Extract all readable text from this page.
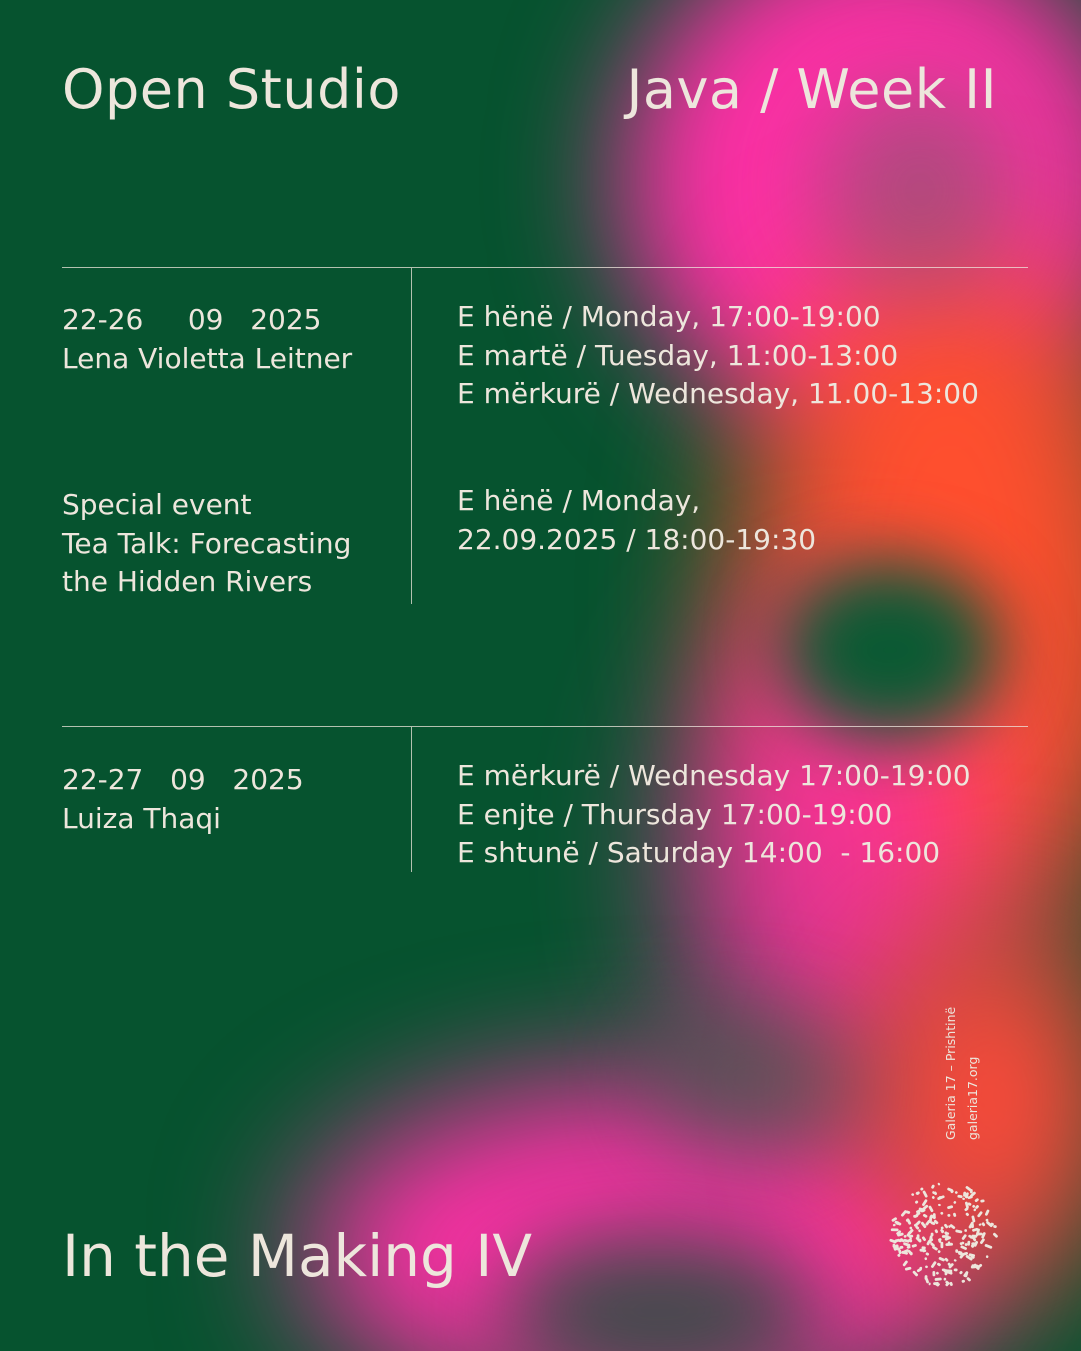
Open Studio	Java / Week II
22-26     09   2025
Lena Violetta Leitner
E hënë / Monday, 17:00-19:00
E martë / Tuesday, 11:00-13:00
E mërkurë / Wednesday, 11.00-13:00
Special event
Tea Talk: Forecasting
the Hidden Rivers
E hënë / Monday,
22.09.2025 / 18:00-19:30
22-27   09   2025
Luiza Thaqi
E mërkurë / Wednesday 17:00-19:00
E enjte / Thursday 17:00-19:00
E shtunë / Saturday 14:00  - 16:00
Galeria 17 – Prishtinë galeria17.org
In the Making IV
